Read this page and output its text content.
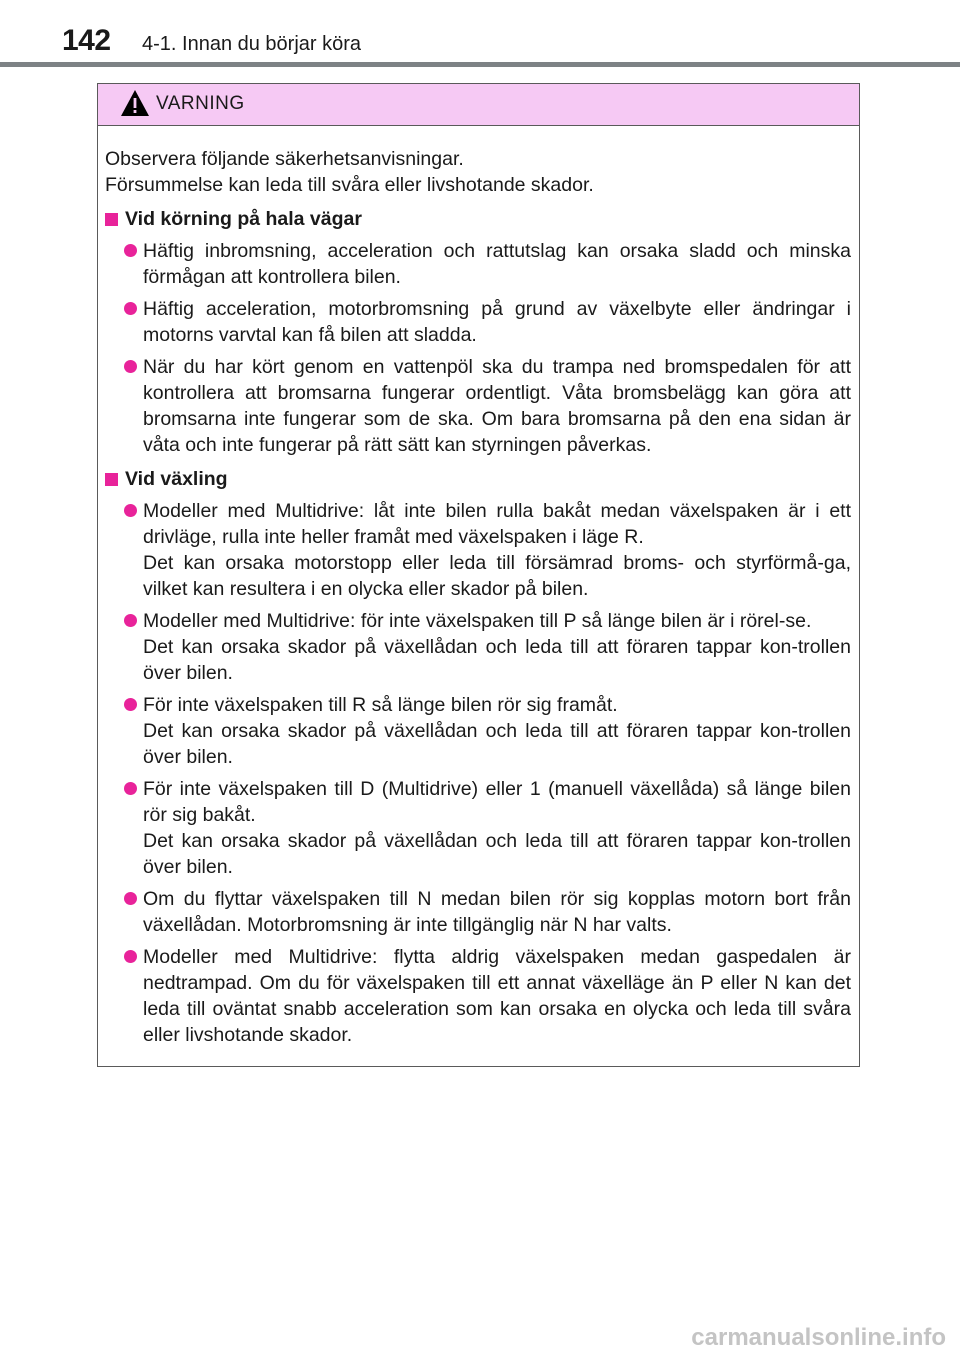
142 4-1. Innan du börjar köra
VARNING

Observera följande säkerhetsanvisningar.

Försummelse kan leda till svåra eller livshotande skador.

Vid körning på hala vägar

Häftig inbromsning, acceleration och rattutslag kan orsaka sladd och minska förmågan att kontrollera bilen.

Häftig acceleration, motorbromsning på grund av växelbyte eller ändringar i motorns varvtal kan få bilen att sladda.

När du har kört genom en vattenpöl ska du trampa ned bromspedalen för att kontrollera att bromsarna fungerar ordentligt. Våta bromsbelägg kan göra att bromsarna inte fungerar som de ska. Om bara bromsarna på den ena sidan är våta och inte fungerar på rätt sätt kan styrningen påverkas.

Vid växling

Modeller med Multidrive: låt inte bilen rulla bakåt medan växelspaken är i ett drivläge, rulla inte heller framåt med växelspaken i läge R.

Det kan orsaka motorstopp eller leda till försämrad broms- och styrförmå-ga, vilket kan resultera i en olycka eller skador på bilen.

Modeller med Multidrive: för inte växelspaken till P så länge bilen är i rörel-se.

Det kan orsaka skador på växellådan och leda till att föraren tappar kon-trollen över bilen.

För inte växelspaken till R så länge bilen rör sig framåt.

Det kan orsaka skador på växellådan och leda till att föraren tappar kon-trollen över bilen.

För inte växelspaken till D (Multidrive) eller 1 (manuell växellåda) så länge bilen rör sig bakåt.

Det kan orsaka skador på växellådan och leda till att föraren tappar kon-trollen över bilen.

Om du flyttar växelspaken till N medan bilen rör sig kopplas motorn bort från växellådan. Motorbromsning är inte tillgänglig när N har valts.

Modeller med Multidrive: flytta aldrig växelspaken medan gaspedalen är nedtrampad. Om du för växelspaken till ett annat växelläge än P eller N kan det leda till oväntat snabb acceleration som kan orsaka en olycka och leda till svåra eller livshotande skador.

carmanualsonline.info
